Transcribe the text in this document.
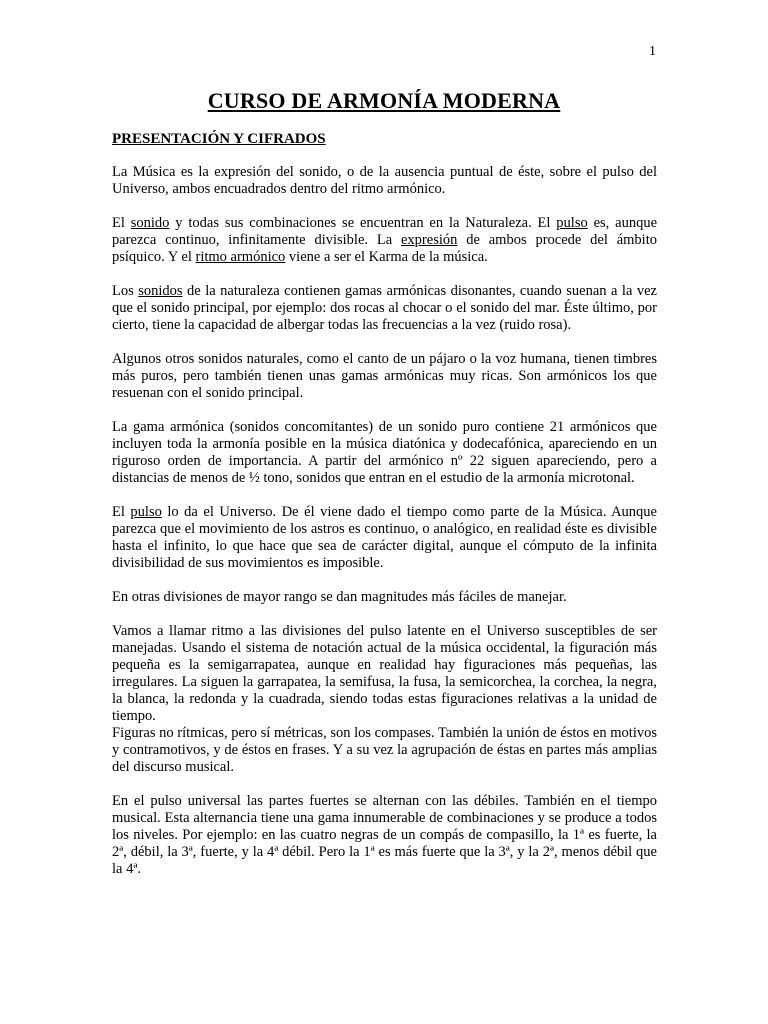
1
CURSO DE ARMONÍA MODERNA
PRESENTACIÓN Y CIFRADOS

La Música es la expresión del sonido, o de la ausencia puntual de éste, sobre el pulso del Universo, ambos encuadrados dentro del ritmo armónico.

El sonido y todas sus combinaciones se encuentran en la Naturaleza. El pulso es, aunque parezca continuo, infinitamente divisible. La expresión de ambos procede del ámbito psíquico. Y el ritmo armónico viene a ser el Karma de la música.

Los sonidos de la naturaleza contienen gamas armónicas disonantes, cuando suenan a la vez que el sonido principal, por ejemplo: dos rocas al chocar o el sonido del mar. Éste último, por cierto, tiene la capacidad de albergar todas las frecuencias a la vez (ruido rosa).

Algunos otros sonidos naturales, como el canto de un pájaro o la voz humana, tienen timbres más puros, pero también tienen unas gamas armónicas muy ricas. Son armónicos los que resuenan con el sonido principal.

La gama armónica (sonidos concomitantes) de un sonido puro contiene 21 armónicos que incluyen toda la armonía posible en la música diatónica y dodecafónica, apareciendo en un riguroso orden de importancia. A partir del armónico nº 22 siguen apareciendo, pero a distancias de menos de ½ tono, sonidos que entran en el estudio de la armonía microtonal.

El pulso lo da el Universo. De él viene dado el tiempo como parte de la Música. Aunque parezca que el movimiento de los astros es continuo, o analógico, en realidad éste es divisible hasta el infinito, lo que hace que sea de carácter digital, aunque el cómputo de la infinita divisibilidad de sus movimientos es imposible.

En otras divisiones de mayor rango se dan magnitudes más fáciles de manejar.

Vamos a llamar ritmo a las divisiones del pulso latente en el Universo susceptibles de ser manejadas. Usando el sistema de notación actual de la música occidental, la figuración más pequeña es la semigarrapatea, aunque en realidad hay figuraciones más pequeñas, las irregulares. La siguen la garrapatea, la semifusa, la fusa, la semicorchea, la corchea, la negra, la blanca, la redonda y la cuadrada, siendo todas estas figuraciones relativas a la unidad de tiempo.

Figuras no rítmicas, pero sí métricas, son los compases. También la unión de éstos en motivos y contramotivos, y de éstos en frases. Y a su vez la agrupación de éstas en partes más amplias del discurso musical.

En el pulso universal las partes fuertes se alternan con las débiles. También en el tiempo musical. Esta alternancia tiene una gama innumerable de combinaciones y se produce a todos los niveles. Por ejemplo: en las cuatro negras de un compás de compasillo, la 1ª es fuerte, la 2ª, débil, la 3ª, fuerte, y la 4ª débil. Pero la 1ª es más fuerte que la 3ª, y la 2ª, menos débil que la 4ª.
